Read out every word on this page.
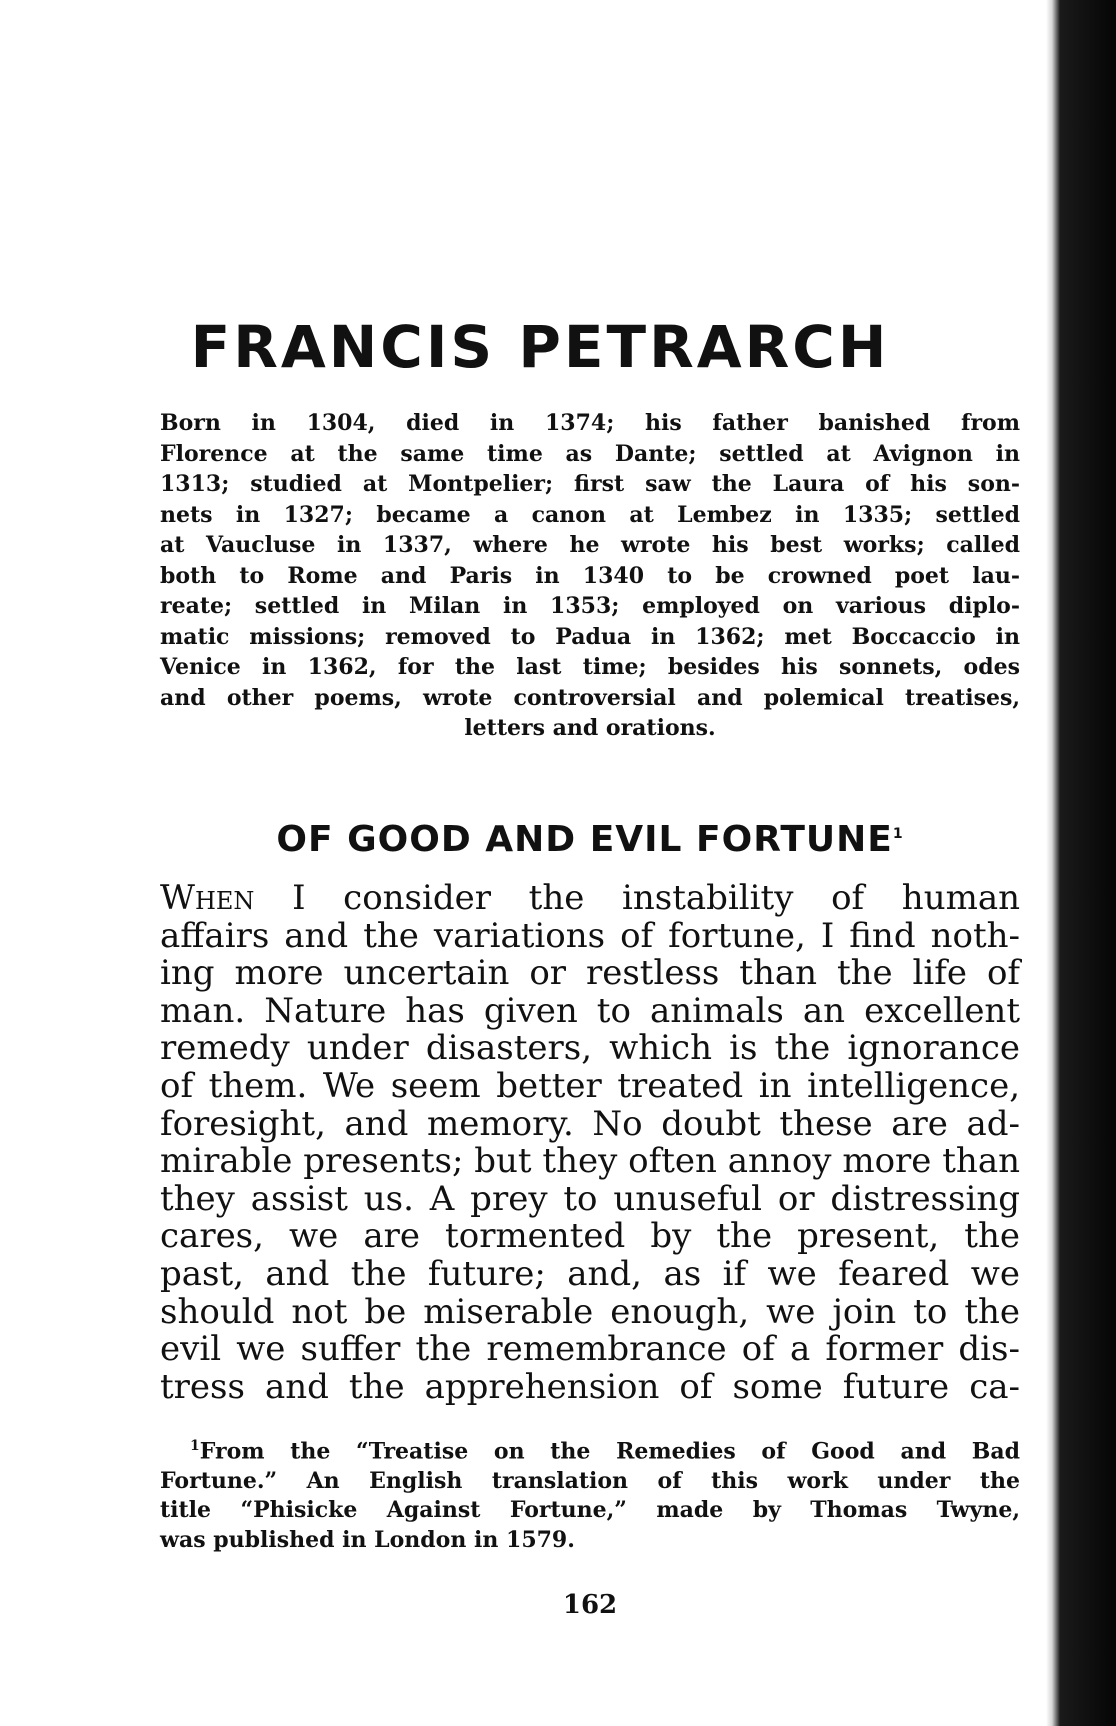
FRANCIS PETRARCH
Born in 1304, died in 1374; his father banished from
Florence at the same time as Dante; settled at Avignon in
1313; studied at Montpelier; first saw the Laura of his son-
nets in 1327; became a canon at Lembez in 1335; settled
at Vaucluse in 1337, where he wrote his best works; called
both to Rome and Paris in 1340 to be crowned poet lau-
reate; settled in Milan in 1353; employed on various diplo-
matic missions; removed to Padua in 1362; met Boccaccio in
Venice in 1362, for the last time; besides his sonnets, odes
and other poems, wrote controversial and polemical treatises,
letters and orations.
OF GOOD AND EVIL FORTUNE$^1$
When I consider the instability of human
affairs and the variations of fortune, I find noth-
ing more uncertain or restless than the life of
man. Nature has given to animals an excellent
remedy under disasters, which is the ignorance
of them. We seem better treated in intelligence,
foresight, and memory. No doubt these are ad-
mirable presents; but they often annoy more than
they assist us. A prey to unuseful or distressing
cares, we are tormented by the present, the
past, and the future; and, as if we feared we
should not be miserable enough, we join to the
evil we suffer the remembrance of a former dis-
tress and the apprehension of some future ca-
$^1$From the “Treatise on the Remedies of Good and Bad
Fortune.” An English translation of this work under the
title “Phisicke Against Fortune,” made by Thomas Twyne,
was published in London in 1579.
162
